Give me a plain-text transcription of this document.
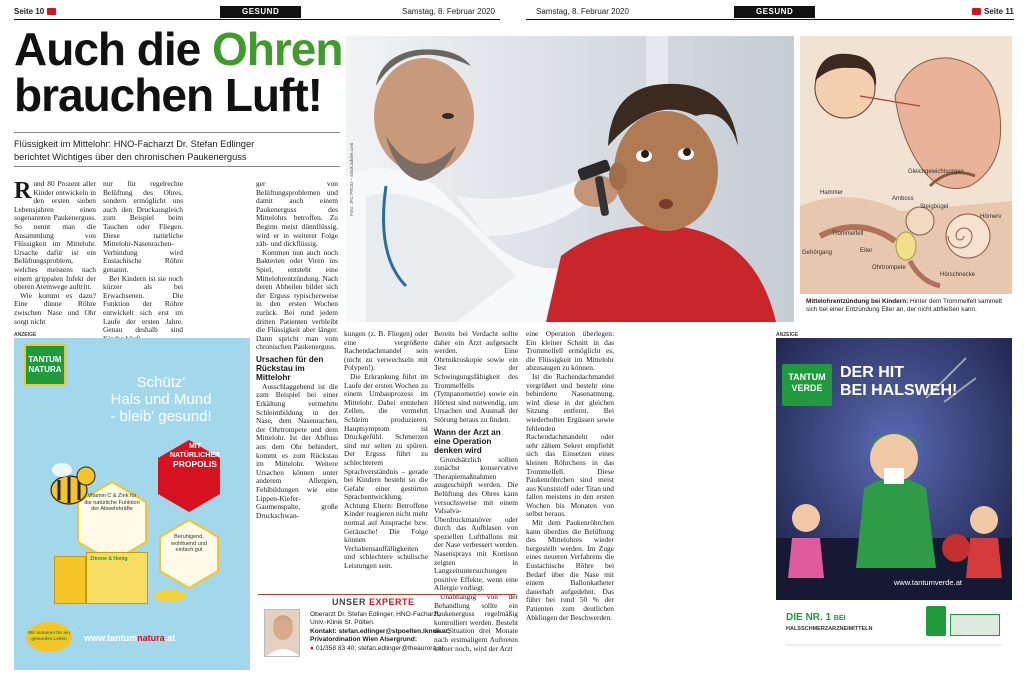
Seite 10	GESUND	Samstag, 8. Februar 2020	Samstag, 8. Februar 2020	GESUND	Seite 11
Auch die Ohren
brauchen Luft!
Flüssigkeit im Mittelohr: HNO-Facharzt Dr. Stefan Edlinger
berichtet Wichtiges über den chronischen Paukenerguss	Foto: JPC PROD – stock.adobe.com	Gleichgewichtsorgan
Hammer
Hörnerv
Amboss
Trommelfell
Steigbügel
Gehörgang	Eiter
Ohrtrompete
Hörschnecke
Mittelohrentzündung bei Kindern: Hinter dem Trommelfell sammelt sich bei einer Entzündung Eiter an, der nicht abfließen kann.

Rund 80 Prozent aller Kinder entwickeln in den ersten sieben Lebensjahren einen sogenannten Paukenerguss. So nennt man die Ansammlung von Flüssigkeit im Mittelohr. Ursache dafür ist ein Belüftungsproblem, welches meistens nach einem grippalen Infekt der oberen Atemwege auftritt.

Wie kommt es dazu? Eine dünne Röhre zwischen Nase und Ohr sorgt nicht

nur für regelrechte Belüftung des Ohres, sondern ermöglicht uns auch den Druckausgleich zum Beispiel beim Tauchen oder Fliegen. Diese natürliche Mittelohr-Nasenrachen-Verbindung wird Eustachische Röhre genannt.

Bei Kindern ist sie noch kürzer als bei Erwachsenen. Die Funktion der Röhre entwickelt sich erst im Laufe der ersten Jahre. Genau deshalb sind

ger von Belüftungsproblemen und damit auch einem Paukenerguss des Mittelohrs betroffen. Zu Beginn meist dünnflüssig, wird er in weiterer Folge zäh- und dickflüssig.

Kommen nun auch noch Bakterien oder Viren ins Spiel, entsteht eine Mittelohrentzündung. Nach deren Abheilen bildet sich der Erguss typischerweise in den ersten Wochen zurück. Bei rund jedem dritten Patienten verbleibt die Flüssigkeit aber länger. Dann spricht man vom chronischen Paukenerguss.

Ursachen für den Rückstau im Mittelohr

Ausschlaggebend ist die zum Beispiel bei einer Erkältung vermehrte Schleimbildung in der Nase, dem Nasenrachen, der Ohrtrompete und dem Mittelohr. Ist der Abfluss aus dem Ohr behindert, kommt es zum Rückstau im Mittelohr. Weitere Ursachen können unter anderem Allergien, Fehlbildungen wie eine Lippen-Kiefer-Gaumenspalte, große Druckschwan-

kungen (z. B. Fliegen) oder eine vergrößerte Rachendachmandel sein (nicht zu verwechseln mit Polypen!).

Die Erkrankung führt im Laufe der ersten Wochen zu einem Umbauprozess im Mittelohr. Dabei entstehen Zellen, die vermehrt Schleim produzieren. Hauptsymptom ist Druckgefühl. Schmerzen sind nur selten zu spüren. Der Erguss führt zu schlechterem Sprachverständnis – gerade bei Kindern besteht so die Gefahr einer gestörten Sprachentwicklung. Achtung Eltern: Betroffene Kinder reagieren nicht mehr normal auf Ansprache bzw. Geräusche! Die Folge können Verhaltensauffälligkeiten und schlechtere schulische Leistungen sein.

Bereits bei Verdacht sollte daher ein Arzt aufgesucht werden. Eine Ohrmikroskopie sowie ein Test der Schwingungsfähigkeit des Trommelfells (Tympanometrie) sowie ein Hörtest sind notwendig, um Ursachen und Ausmaß der Störung heraus zu finden.

Wann der Arzt an eine Operation denken wird

Grundsätzlich sollten zunächst konservative Therapiemaßnahmen ausgeschöpft werden. Die Belüftung des Ohres kann versuchsweise mit einem Valsalva-Überdruckmanöver oder durch das Aufblasen von speziellen Luftballons mit der Nase verbessert werden. Nasensprays mit Kortison zeigten in Langzeituntersuchungen positive Effekte, wenn eine Allergie vorliegt.

Unabhängig von der Behandlung sollte ein Paukenerguss regelmäßig kontrolliert werden. Besteht die Situation drei Monate nach erstmaligem Auftreten immer noch, wird der Arzt

eine Operation überlegen: Ein kleiner Schnitt in das Trommelfell ermöglicht es, die Flüssigkeit im Mittelohr abzusaugen zu können.

Ist die Rachendachmandel vergrößert und besteht eine behinderte Nasenatmung, wird diese in der gleichen Sitzung entfernt. Bei wiederholten Ergüssen sowie fehlenden Rachendachmandeln oder sehr zähem Sekret empfiehlt sich das Einsetzen eines kleinen Röhrchens in das Trommelfell. Diese Paukenröhrchen sind meist aus Kunststoff oder Titan und fallen meistens in den ersten Wochen bis Monaten von selbst heraus.

Mit dem Paukenröhrchen kann überdies die Belüftung des Mittelohres wieder hergestellt werden. Im Zuge eines neueren Verfahrens die Eustachische Röhre bei Bedarf über die Nase mit einem Ballonkatheter dauerhaft aufgedehnt. Das führt bei rund 50 % der Patienten zum deutlichen Abklingen der Beschwerden.

UNSER EXPERTE
Oberarzt Dr. Stefan Edlinger, HNO-Facharzt,
Univ.-Klinik St. Pölten.
Kontakt: stefan.edlinger@stpoelten.lknoe.at;
Privatordination Wien Alsergrund:
● 01/358 83 40; stefan.edlinger@theaurora.at
ANZEIGE
TANTUM
NATURA
Schütz'
Hals und Mund
- bleib' gesund!
MIT
NATÜRLICHER
PROPOLIS
Vitamin C & Zink für die natürliche Funktion der Abwehrkräfte
Beruhigend, wohltuend und einfach gut
Zitrone & Honig
Wir summen für ein gesundes Leben	www.tantumnatura.at
ANZEIGE
TANTUM
VERDE
DER HIT
BEI HALSWEH!
www.tantumverde.at
DIE NR. 1 BEI
HALSSCHMERZARZNEIMITTELN
